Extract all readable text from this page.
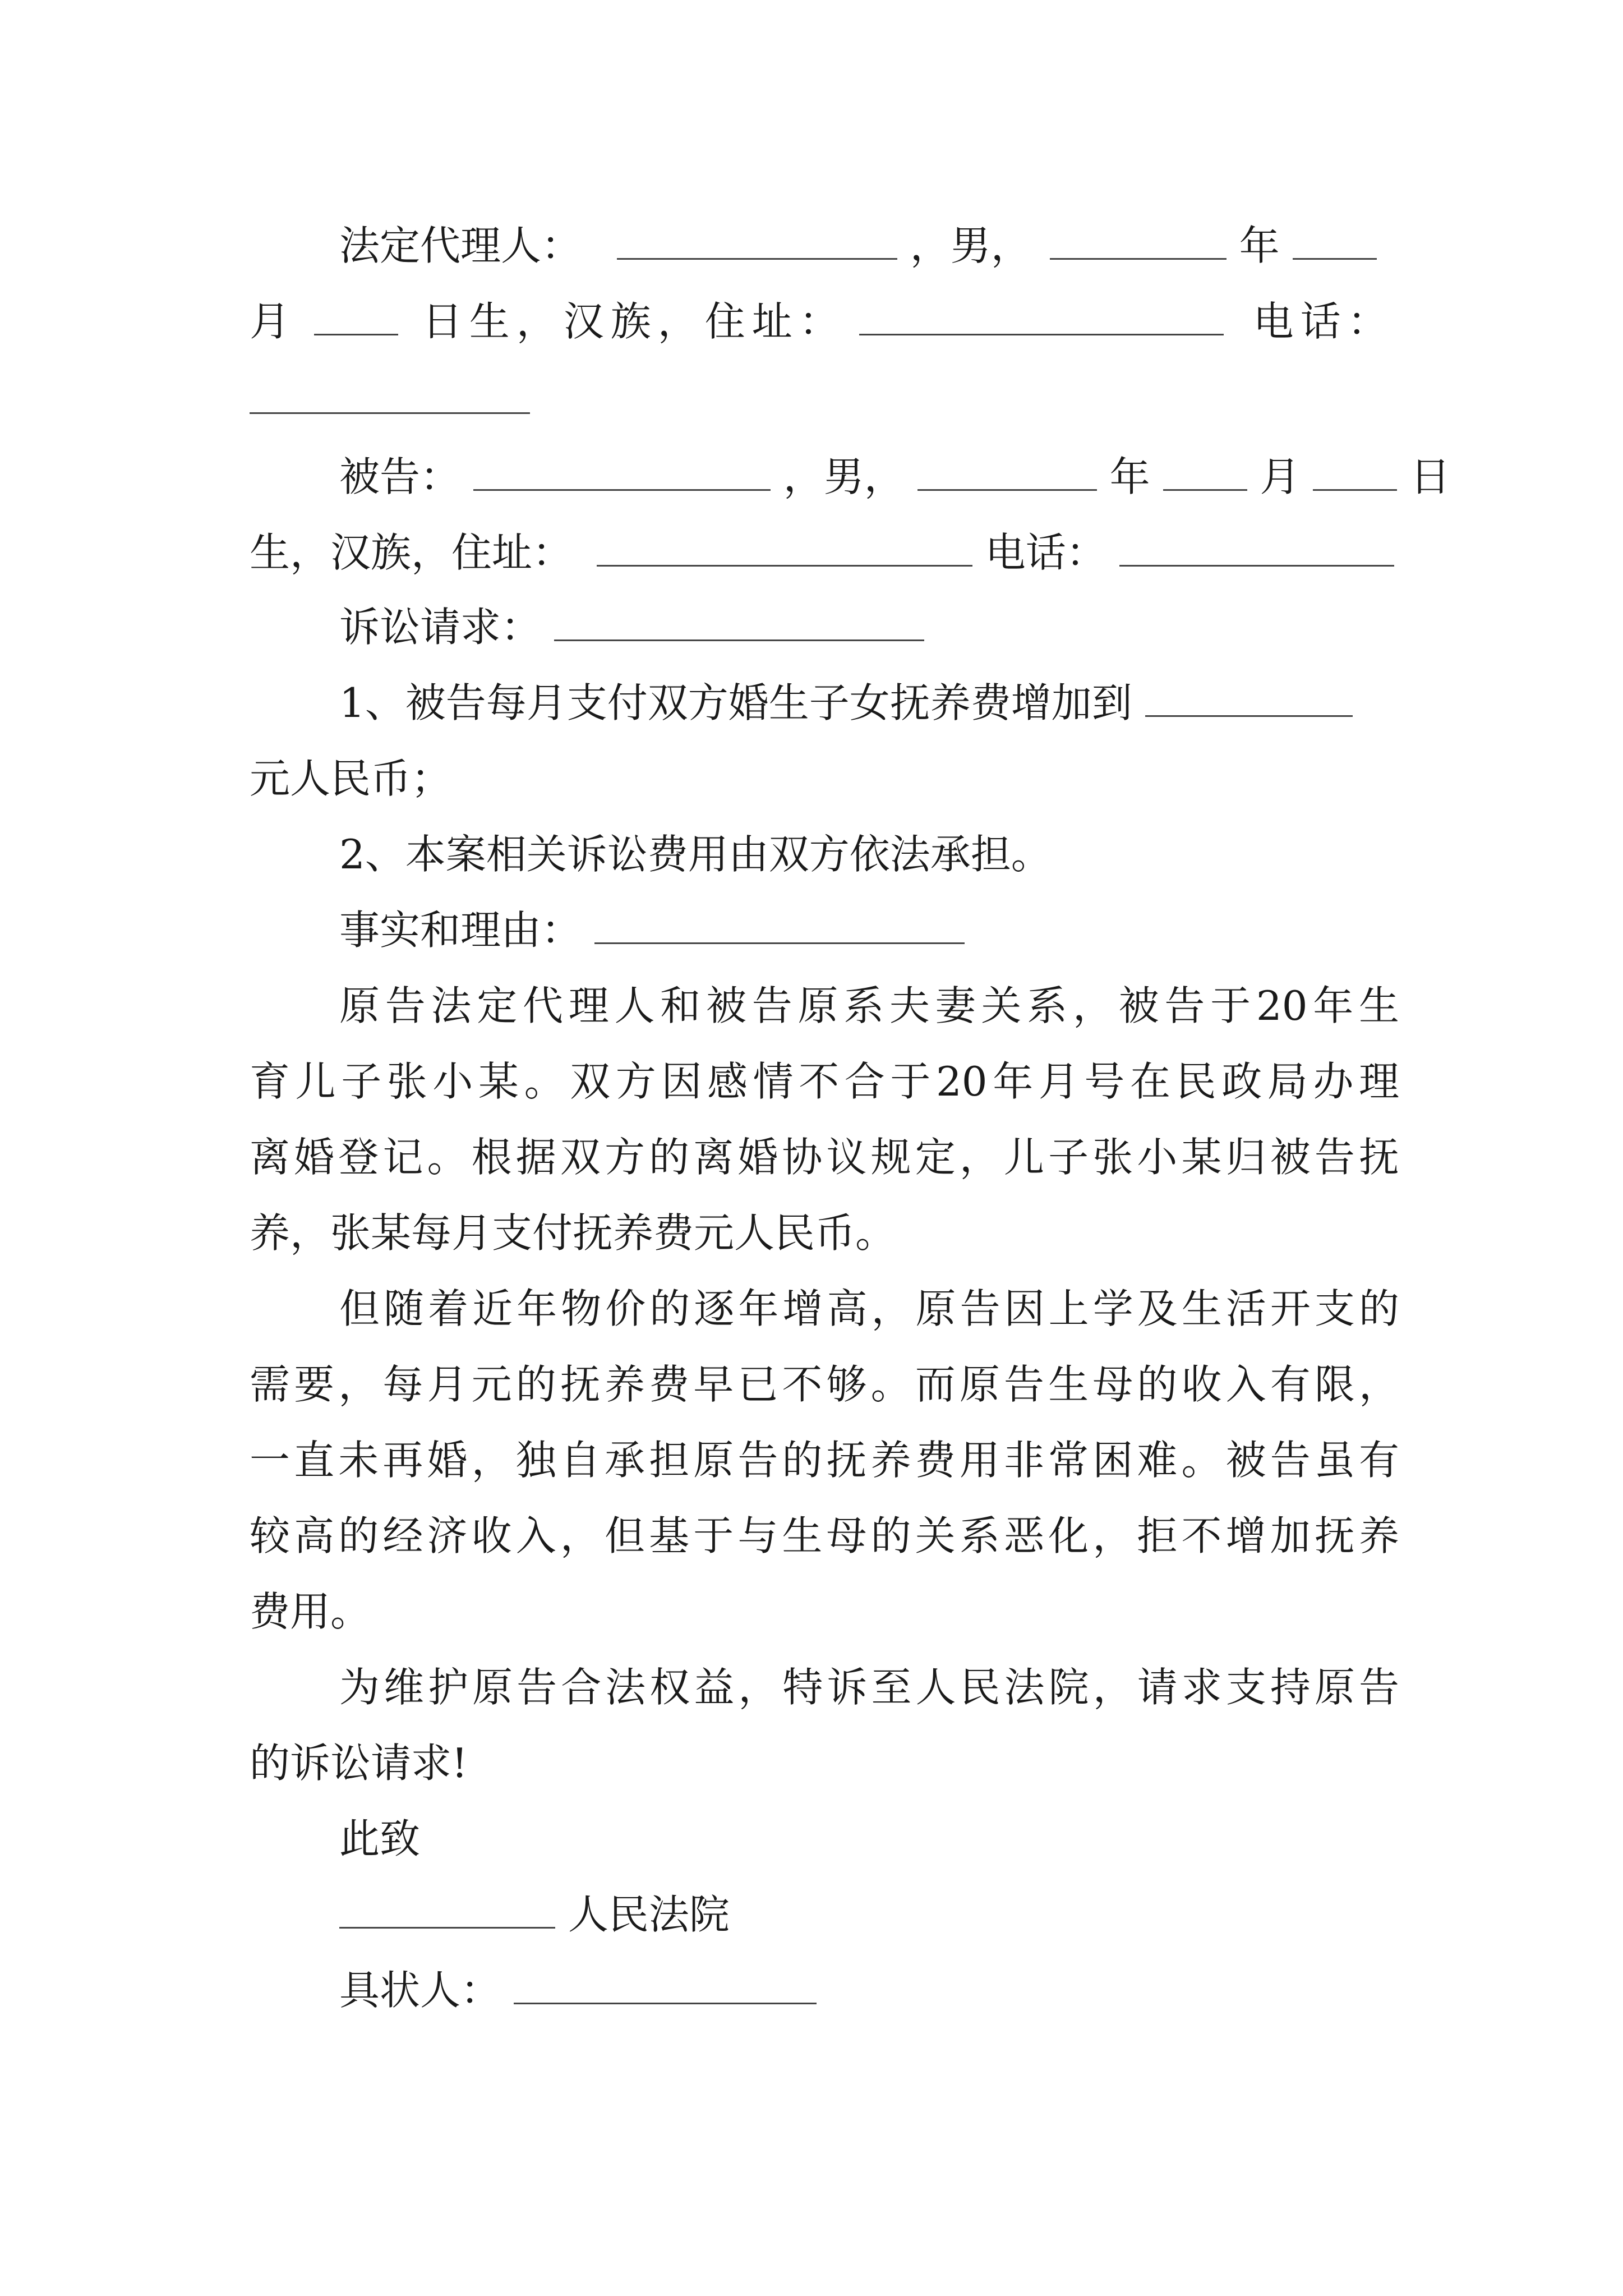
法定代理人：	，男，	年
月	日生，汉族，住址：	电话：
被告：	，男，	年	月	日
生，汉族，住址：	电话：
诉讼请求：
1、被告每月支付双方婚生子女抚养费增加到
元人民币；
2、本案相关诉讼费用由双方依法承担。
事实和理由：
原告法定代理人和被告原系夫妻关系，被告于20年生
育儿子张小某。双方因感情不合于20年月号在民政局办理
离婚登记。根据双方的离婚协议规定，儿子张小某归被告抚
养，张某每月支付抚养费元人民币。
但随着近年物价的逐年增高，原告因上学及生活开支的
需要，每月元的抚养费早已不够。而原告生母的收入有限，
一直未再婚，独自承担原告的抚养费用非常困难。被告虽有
较高的经济收入，但基于与生母的关系恶化，拒不增加抚养
费用。
为维护原告合法权益，特诉至人民法院，请求支持原告
的诉讼请求!
此致
人民法院
具状人：
